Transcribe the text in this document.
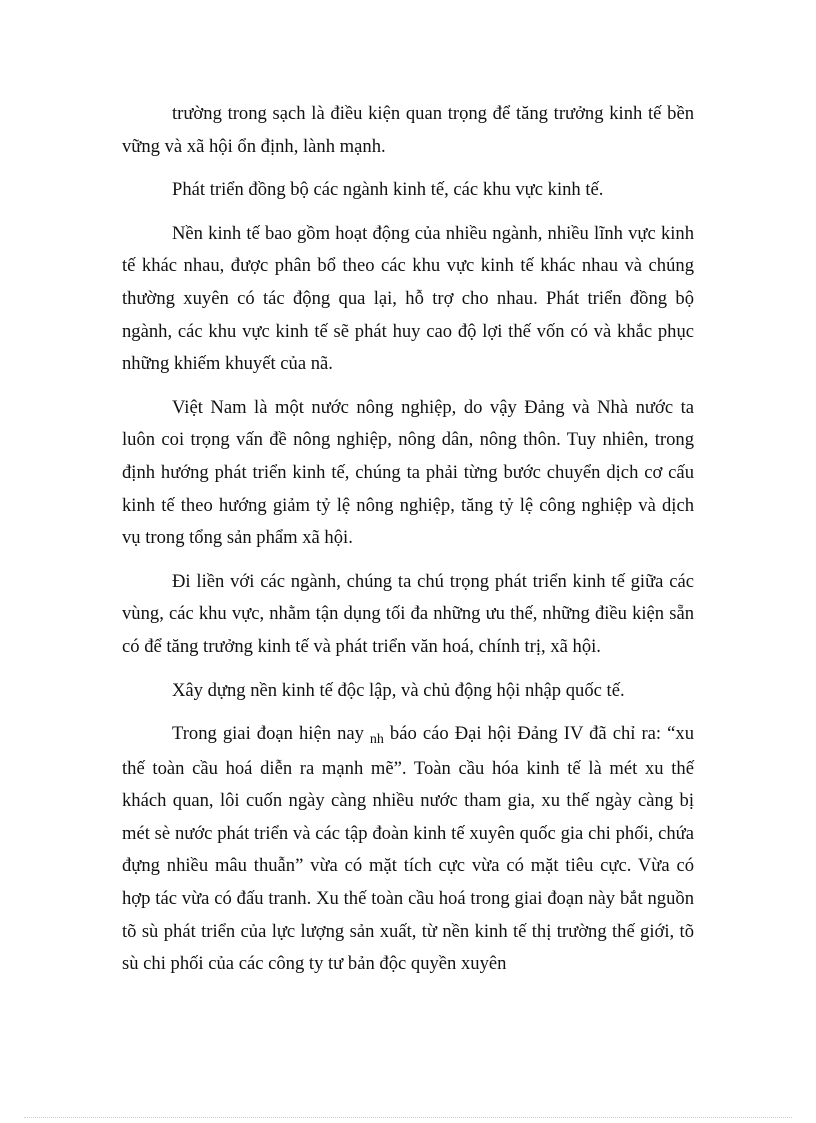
trường trong sạch là điều kiện quan trọng để tăng trưởng kinh tế bền vững và xã hội ổn định, lành mạnh.

Phát triển đồng bộ các ngành kinh tế, các khu vực kinh tế.

Nền kinh tế bao gồm hoạt động của nhiều ngành, nhiều lĩnh vực kinh tế khác nhau, được phân bổ theo các khu vực kinh tế khác nhau và chúng thường xuyên có tác động qua lại, hỗ trợ cho nhau. Phát triển đồng bộ ngành, các khu vực kinh tế sẽ phát huy cao độ lợi thế vốn có và khắc phục những khiếm khuyết của nã.

Việt Nam là một nước nông nghiệp, do vậy Đảng và Nhà nước ta luôn coi trọng vấn đề nông nghiệp, nông dân, nông thôn. Tuy nhiên, trong định hướng phát triển kinh tế, chúng ta phải từng bước chuyển dịch cơ cấu kinh tế theo hướng giảm tỷ lệ nông nghiệp, tăng tỷ lệ công nghiệp và dịch vụ trong tổng sản phẩm xã hội.

Đi liền với các ngành, chúng ta chú trọng phát triển kinh tế giữa các vùng, các khu vực, nhằm tận dụng tối đa những ưu thế, những điều kiện sẵn có để tăng trưởng kinh tế và phát triển văn hoá, chính trị, xã hội.

Xây dựng nền kinh tế độc lập, và chủ động hội nhập quốc tế.

Trong giai đoạn hiện nay $_{nh}$ báo cáo Đại hội Đảng IV đã chỉ ra: “xu thế toàn cầu hoá diễn ra mạnh mẽ”. Toàn cầu hóa kinh tế là mét xu thế khách quan, lôi cuốn ngày càng nhiều nước tham gia, xu thế ngày càng bị mét sè nước phát triển và các tập đoàn kinh tế xuyên quốc gia chi phối, chứa đựng nhiều mâu thuẫn” vừa có mặt tích cực vừa có mặt tiêu cực. Vừa có hợp tác vừa có đấu tranh. Xu thế toàn cầu hoá trong giai đoạn này bắt nguồn tõ sù phát triển của lực lượng sản xuất, từ nền kinh tế thị trường thế giới, tõ sù chi phối của các công ty tư bản độc quyền xuyên
